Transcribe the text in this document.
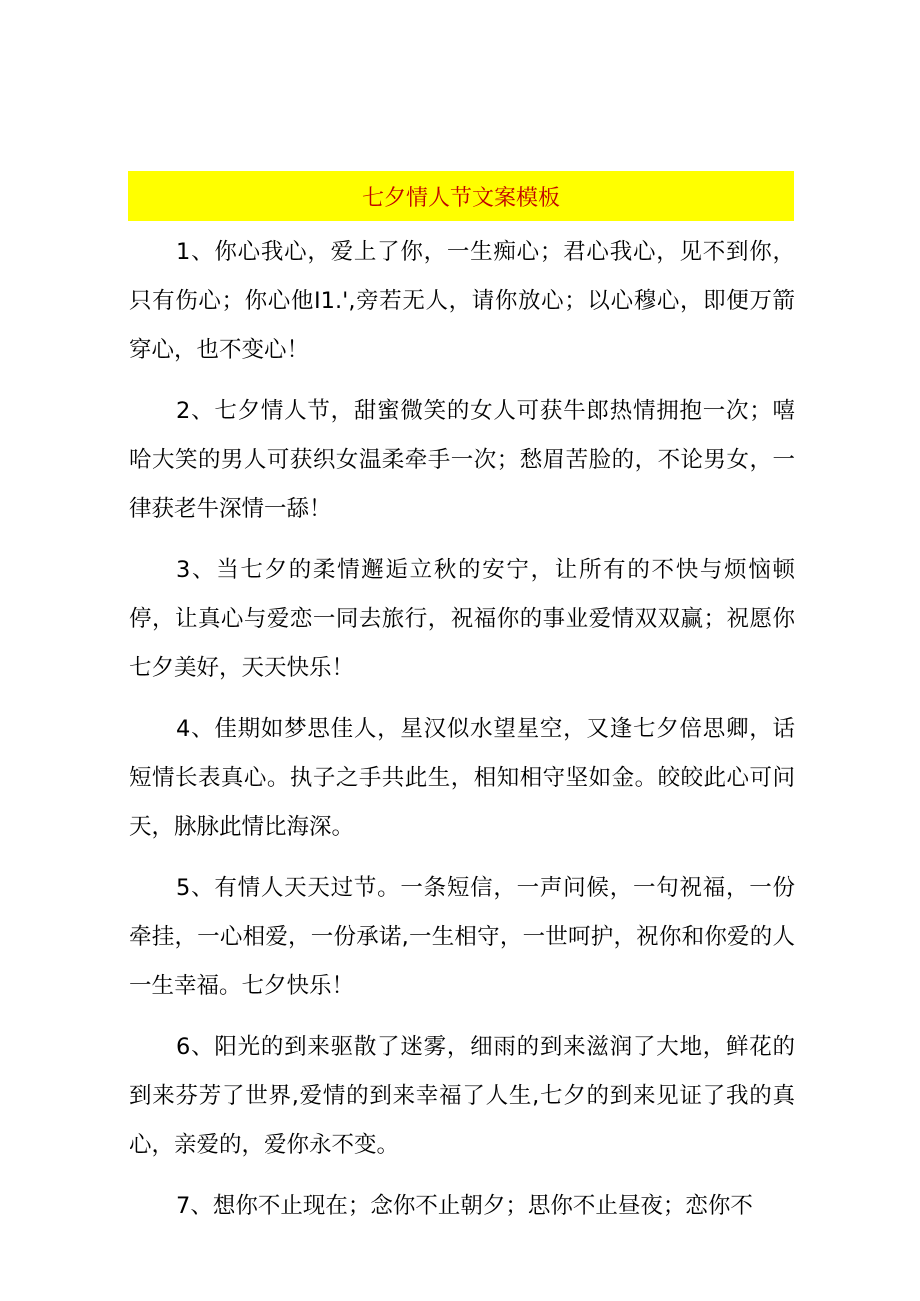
七夕情人节文案模板

1、你心我心，爱上了你，一生痴心；君心我心，见不到你，只有伤心；你心他I1.',旁若无人，请你放心；以心穆心，即便万箭穿心，也不变心！

2、七夕情人节，甜蜜微笑的女人可获牛郎热情拥抱一次；嘻哈大笑的男人可获织女温柔牵手一次；愁眉苦脸的，不论男女，一律获老牛深情一舔！

3、当七夕的柔情邂逅立秋的安宁，让所有的不快与烦恼顿停，让真心与爱恋一同去旅行，祝福你的事业爱情双双赢；祝愿你七夕美好，天天快乐！

4、佳期如梦思佳人，星汉似水望星空，又逢七夕倍思卿，话短情长表真心。执子之手共此生，相知相守坚如金。皎皎此心可问天，脉脉此情比海深。

5、有情人天天过节。一条短信，一声问候，一句祝福，一份牵挂，一心相爱，一份承诺,一生相守，一世呵护，祝你和你爱的人一生幸福。七夕快乐！

6、阳光的到来驱散了迷雾，细雨的到来滋润了大地，鲜花的到来芬芳了世界,爱情的到来幸福了人生,七夕的到来见证了我的真心，亲爱的，爱你永不变。

7、想你不止现在；念你不止朝夕；思你不止昼夜；恋你不
